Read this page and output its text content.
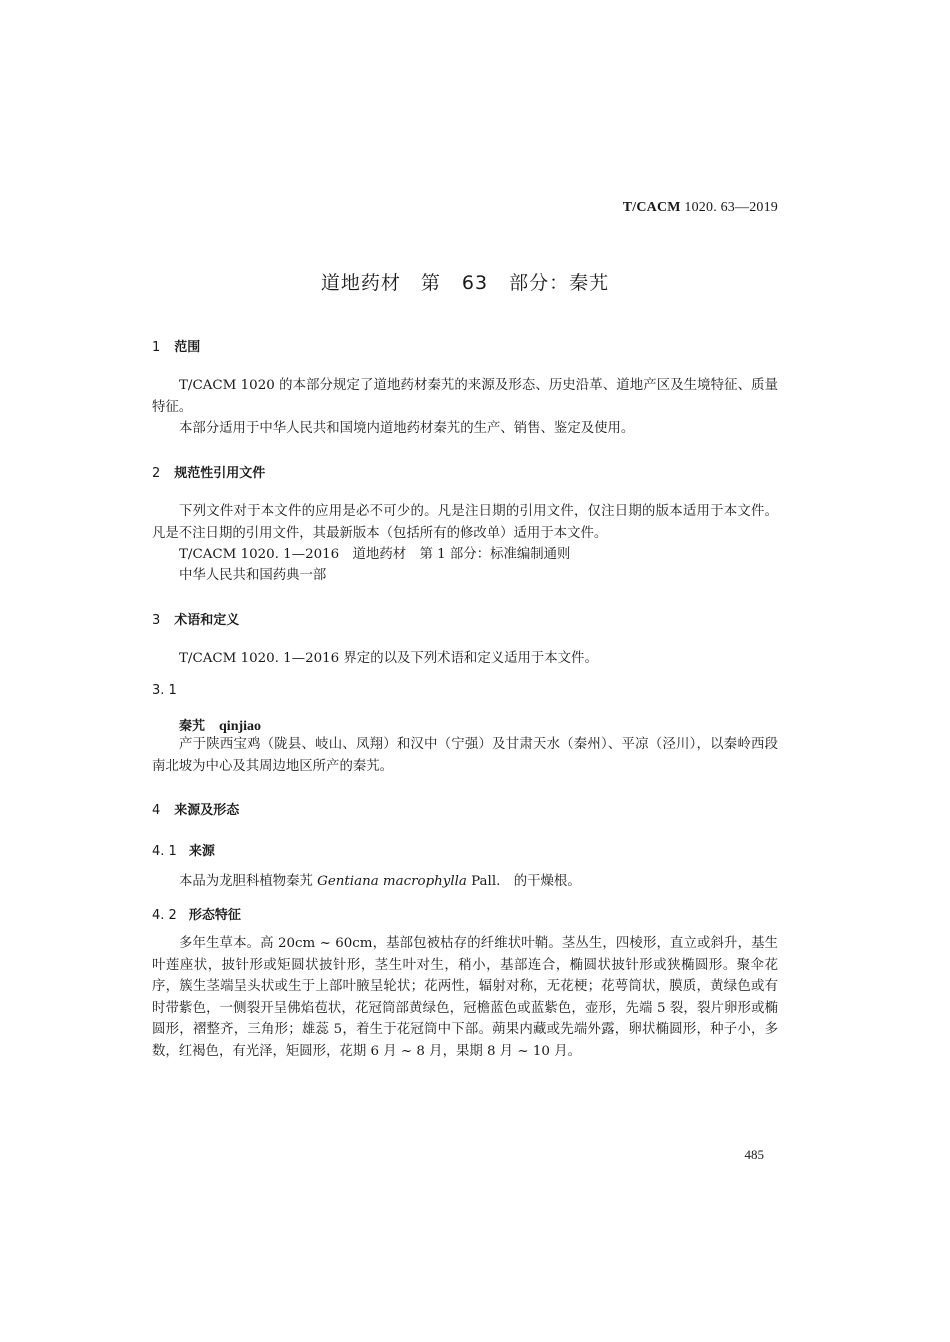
T/CACM 1020. 63—2019
道地药材　第 63 部分：秦艽
1 范围

T/CACM 1020 的本部分规定了道地药材秦艽的来源及形态、历史沿革、道地产区及生境特征、质量特征。

本部分适用于中华人民共和国境内道地药材秦艽的生产、销售、鉴定及使用。

2 规范性引用文件

下列文件对于本文件的应用是必不可少的。凡是注日期的引用文件，仅注日期的版本适用于本文件。凡是不注日期的引用文件，其最新版本（包括所有的修改单）适用于本文件。

T/CACM 1020. 1—2016　道地药材　第 1 部分：标准编制通则
中华人民共和国药典一部
3 术语和定义
T/CACM 1020. 1—2016 界定的以及下列术语和定义适用于本文件。
3. 1
秦艽 qinjiao

产于陕西宝鸡（陇县、岐山、凤翔）和汉中（宁强）及甘肃天水（秦州）、平凉（泾川），以秦岭西段南北坡为中心及其周边地区所产的秦艽。

4 来源及形态
4. 1 来源
本品为龙胆科植物秦艽 Gentiana macrophylla Pall.　的干燥根。
4. 2 形态特征

多年生草本。高 20cm ~ 60cm，基部包被枯存的纤维状叶鞘。茎丛生，四棱形，直立或斜升，基生叶莲座状，披针形或矩圆状披针形，茎生叶对生，稍小，基部连合，椭圆状披针形或狭椭圆形。聚伞花序，簇生茎端呈头状或生于上部叶腋呈轮状；花两性，辐射对称，无花梗；花萼筒状，膜质，黄绿色或有时带紫色，一侧裂开呈佛焰苞状，花冠筒部黄绿色，冠檐蓝色或蓝紫色，壶形，先端 5 裂，裂片卵形或椭圆形，褶整齐，三角形；雄蕊 5，着生于花冠筒中下部。蒴果内藏或先端外露，卵状椭圆形，种子小，多数，红褐色，有光泽，矩圆形，花期 6 月 ~ 8 月，果期 8 月 ~ 10 月。

485
